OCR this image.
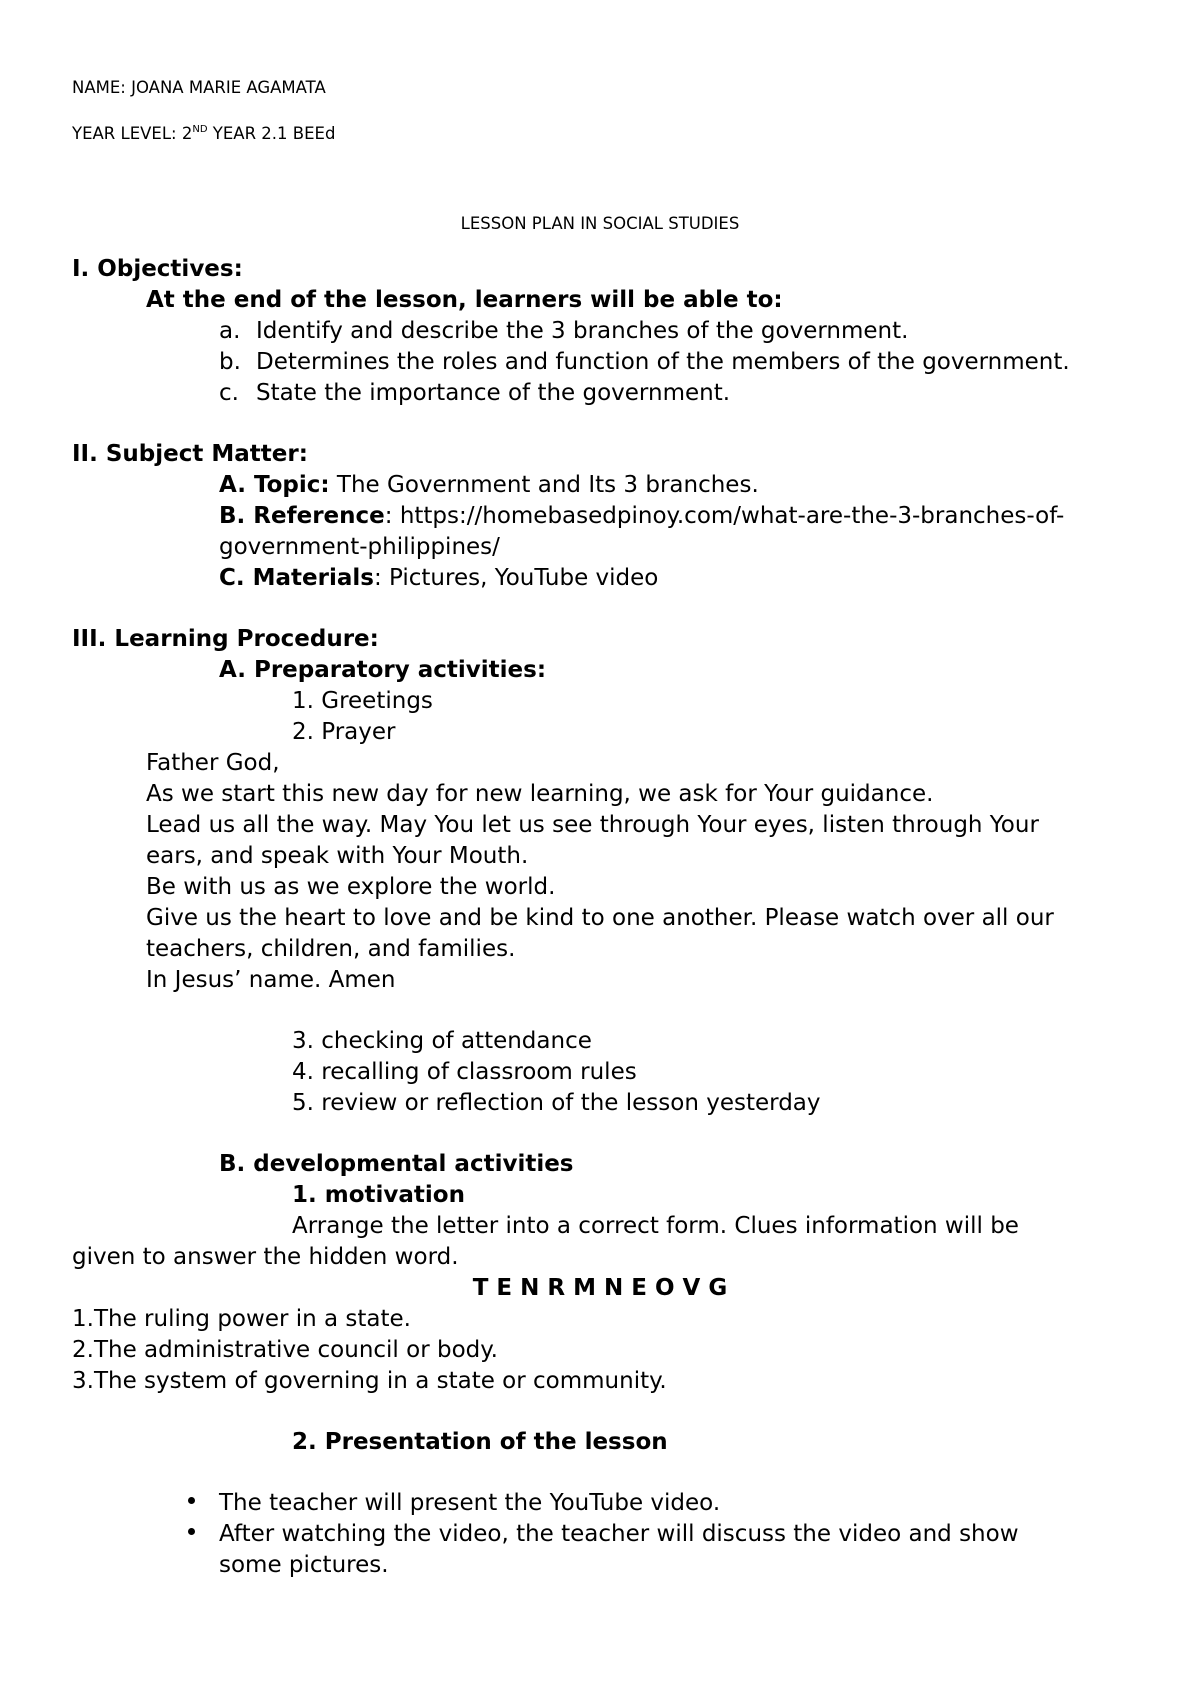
NAME: JOANA MARIE AGAMATA
YEAR LEVEL: 2ND YEAR 2.1 BEEd
LESSON PLAN IN SOCIAL STUDIES
I. Objectives:
At the end of the lesson, learners will be able to:
a. Identify and describe the 3 branches of the government.
b. Determines the roles and function of the members of the government.
c. State the importance of the government.
II. Subject Matter:
A. Topic: The Government and Its 3 branches.
B. Reference: https://homebasedpinoy.com/what-are-the-3-branches-of-
government-philippines/
C. Materials: Pictures, YouTube video
III. Learning Procedure:
A. Preparatory activities:
1. Greetings
2. Prayer
Father God,
As we start this new day for new learning, we ask for Your guidance.
Lead us all the way. May You let us see through Your eyes, listen through Your
ears, and speak with Your Mouth.
Be with us as we explore the world.
Give us the heart to love and be kind to one another. Please watch over all our
teachers, children, and families.
In Jesus’ name. Amen
3. checking of attendance
4. recalling of classroom rules
5. review or reflection of the lesson yesterday
B. developmental activities
1. motivation
Arrange the letter into a correct form. Clues information will be
given to answer the hidden word.
T E N R M N E O V G
1.The ruling power in a state.
2.The administrative council or body.
3.The system of governing in a state or community.
2. Presentation of the lesson
The teacher will present the YouTube video.
After watching the video, the teacher will discuss the video and show
some pictures.
